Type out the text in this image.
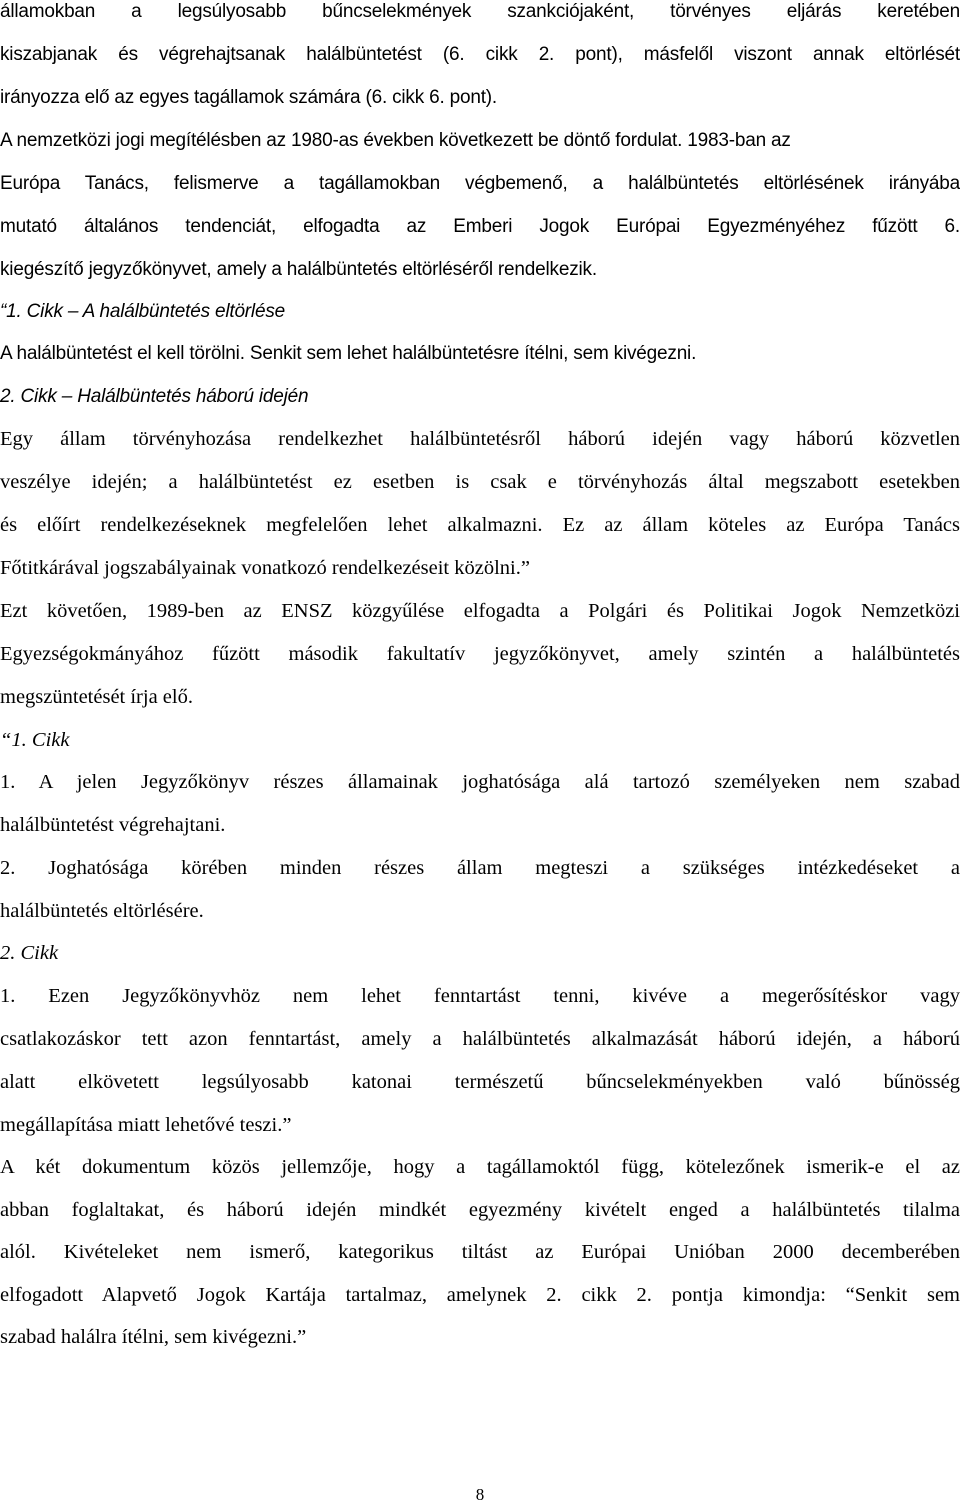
államokban a legsúlyosabb bűncselekmények szankciójaként, törvényes eljárás keretében

kiszabjanak és végrehajtsanak halálbüntetést (6. cikk 2. pont), másfelől viszont annak eltörlését

irányozza elő az egyes tagállamok számára (6. cikk 6. pont).

A nemzetközi jogi megítélésben az 1980-as években következett be döntő fordulat. 1983-ban az

Európa Tanács, felismerve a tagállamokban végbemenő, a halálbüntetés eltörlésének irányába

mutató általános tendenciát, elfogadta az Emberi Jogok Európai Egyezményéhez fűzött 6.

kiegészítő jegyzőkönyvet, amely a halálbüntetés eltörléséről rendelkezik.

“1. Cikk – A halálbüntetés eltörlése

A halálbüntetést el kell törölni. Senkit sem lehet halálbüntetésre ítélni, sem kivégezni.

2. Cikk – Halálbüntetés háború idején

Egy állam törvényhozása rendelkezhet halálbüntetésről háború idején vagy háború közvetlen

veszélye idején; a halálbüntetést ez esetben is csak e törvényhozás által megszabott esetekben

és előírt rendelkezéseknek megfelelően lehet alkalmazni. Ez az állam köteles az Európa Tanács

Főtitkárával jogszabályainak vonatkozó rendelkezéseit közölni.”

Ezt követően, 1989-ben az ENSZ közgyűlése elfogadta a Polgári és Politikai Jogok Nemzetközi

Egyezségokmányához fűzött második fakultatív jegyzőkönyvet, amely szintén a halálbüntetés

megszüntetését írja elő.

“1. Cikk

1. A jelen Jegyzőkönyv részes államainak joghatósága alá tartozó személyeken nem szabad

halálbüntetést végrehajtani.

2. Joghatósága körében minden részes állam megteszi a szükséges intézkedéseket a

halálbüntetés eltörlésére.

2. Cikk

1. Ezen Jegyzőkönyvhöz nem lehet fenntartást tenni, kivéve a megerősítéskor vagy

csatlakozáskor tett azon fenntartást, amely a halálbüntetés alkalmazását háború idején, a háború

alatt elkövetett legsúlyosabb katonai természetű bűncselekményekben való bűnösség

megállapítása miatt lehetővé teszi.”

A két dokumentum közös jellemzője, hogy a tagállamoktól függ, kötelezőnek ismerik-e el az

abban foglaltakat, és háború idején mindkét egyezmény kivételt enged a halálbüntetés tilalma

alól. Kivételeket nem ismerő, kategorikus tiltást az Európai Unióban 2000 decemberében

elfogadott Alapvető Jogok Kartája tartalmaz, amelynek 2. cikk 2. pontja kimondja: “Senkit sem

szabad halálra ítélni, sem kivégezni.”

8
